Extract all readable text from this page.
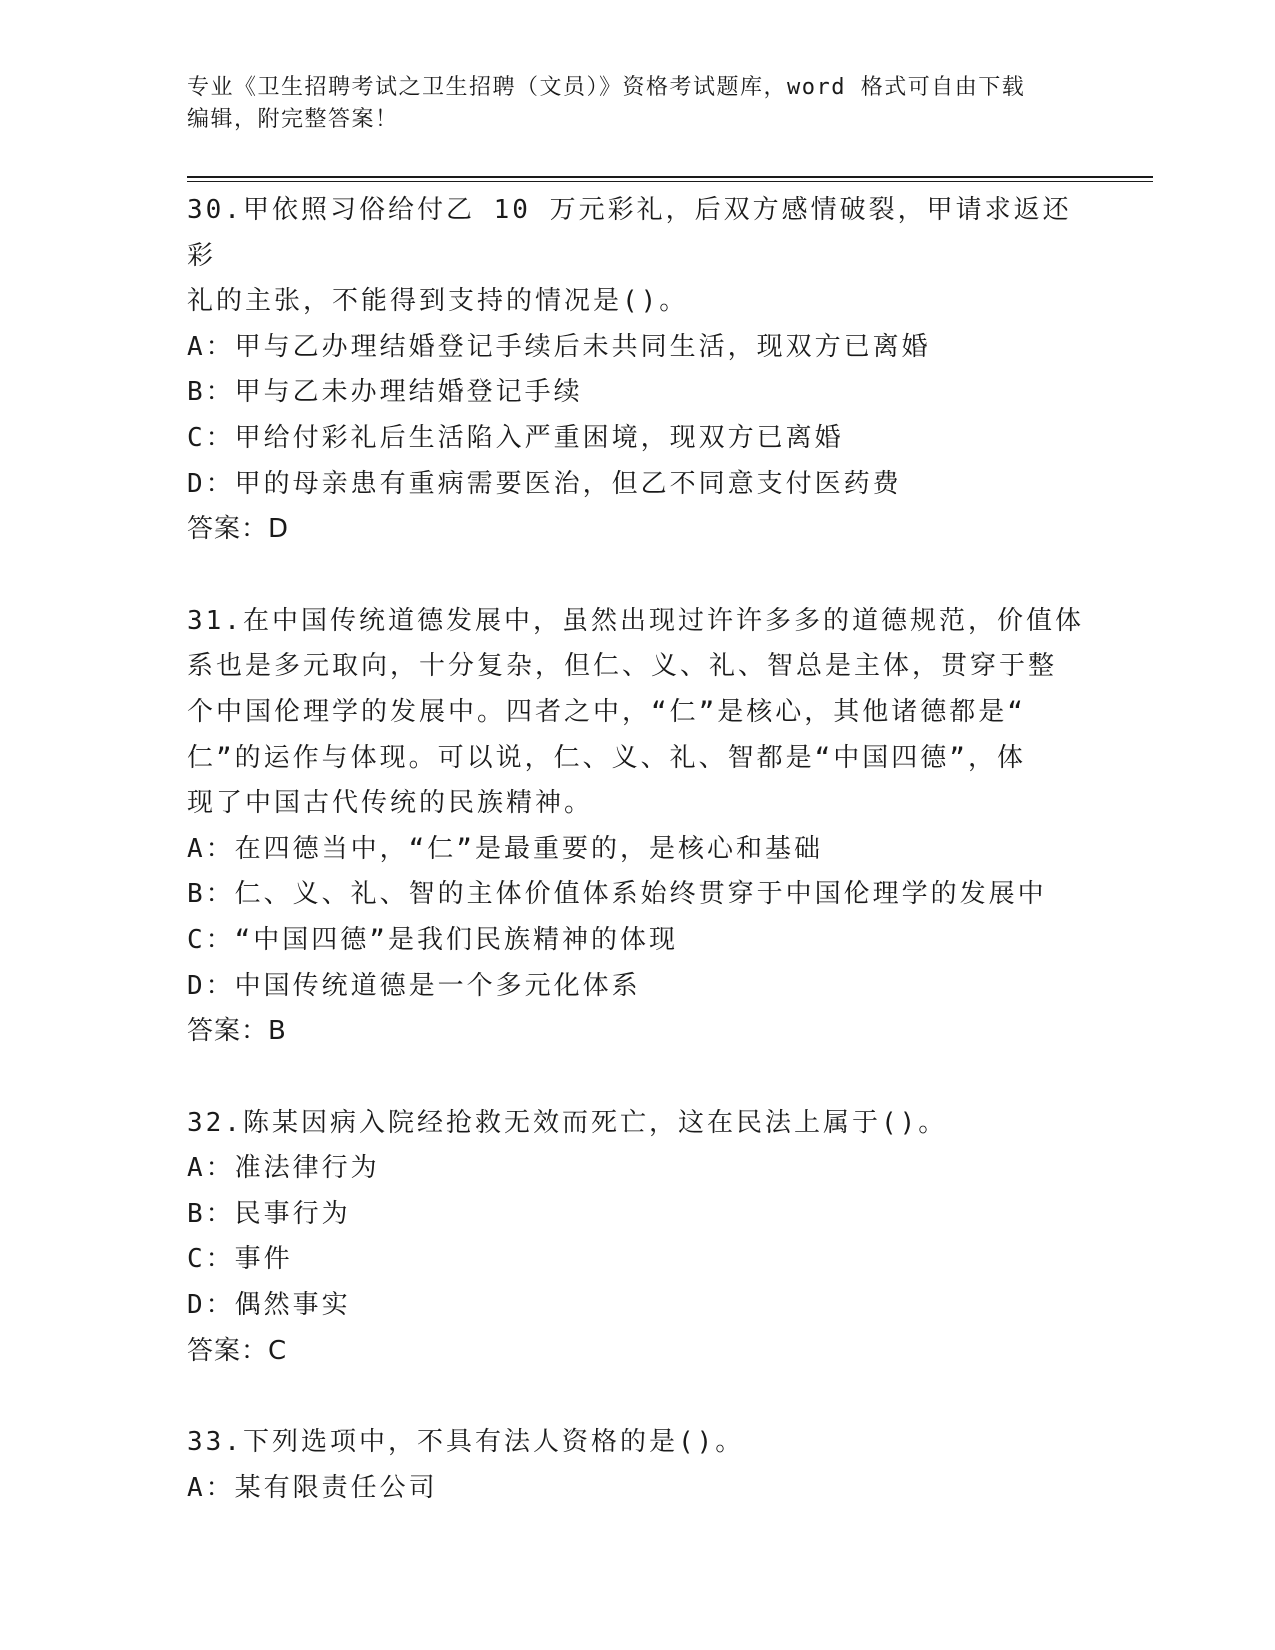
专业《卫生招聘考试之卫生招聘（文员）》资格考试题库，word 格式可自由下载
编辑，附完整答案！
30.甲依照习俗给付乙 10 万元彩礼，后双方感情破裂，甲请求返还彩
礼的主张，不能得到支持的情况是()。
A：甲与乙办理结婚登记手续后未共同生活，现双方已离婚
B：甲与乙未办理结婚登记手续
C：甲给付彩礼后生活陷入严重困境，现双方已离婚
D：甲的母亲患有重病需要医治，但乙不同意支付医药费
答案：D
31.在中国传统道德发展中，虽然出现过许许多多的道德规范，价值体
系也是多元取向，十分复杂，但仁、义、礼、智总是主体，贯穿于整
个中国伦理学的发展中。四者之中，“仁”是核心，其他诸德都是“
仁”的运作与体现。可以说，仁、义、礼、智都是“中国四德”，体
现了中国古代传统的民族精神。
A：在四德当中，“仁”是最重要的，是核心和基础
B：仁、义、礼、智的主体价值体系始终贯穿于中国伦理学的发展中
C：“中国四德”是我们民族精神的体现
D：中国传统道德是一个多元化体系
答案：B
32.陈某因病入院经抢救无效而死亡，这在民法上属于()。
A：准法律行为
B：民事行为
C：事件
D：偶然事实
答案：C
33.下列选项中，不具有法人资格的是()。
A：某有限责任公司
